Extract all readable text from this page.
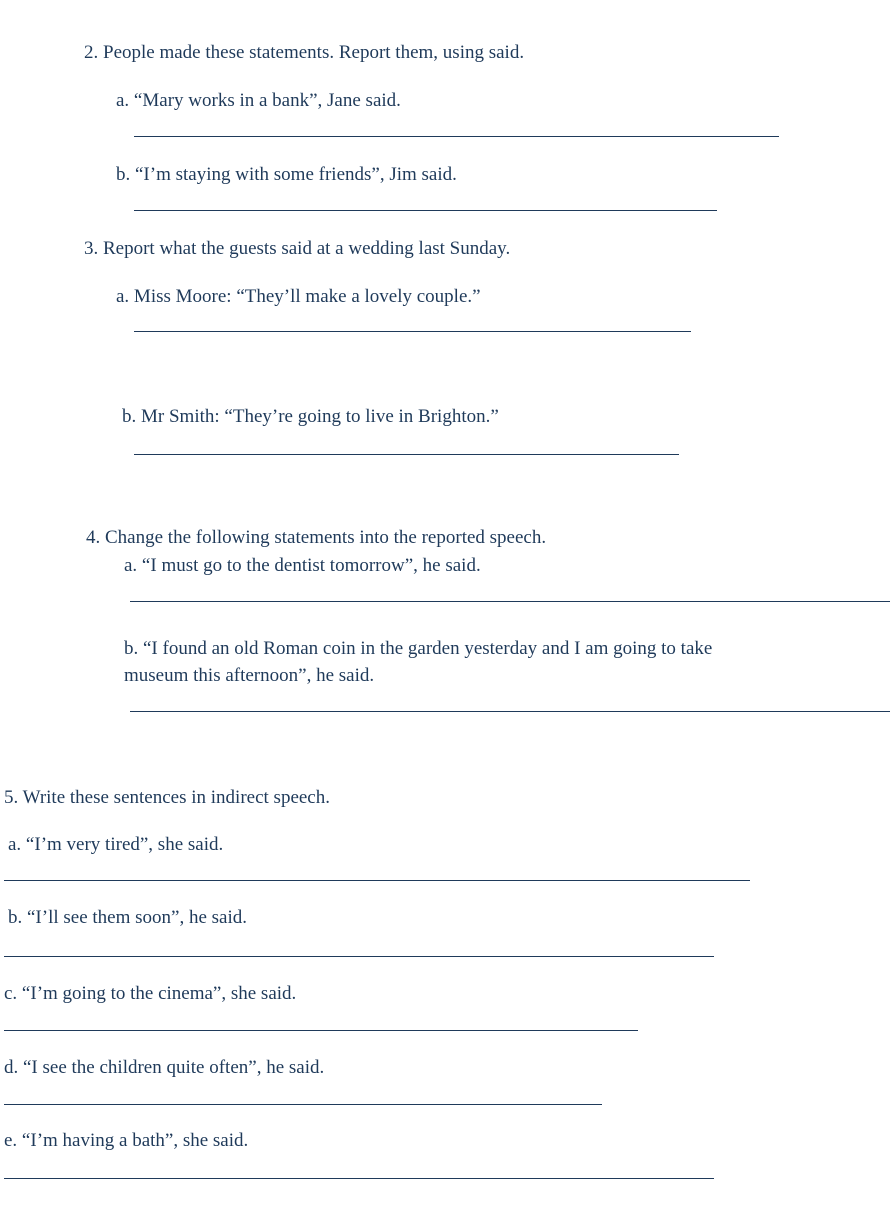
2. People made these statements. Report them, using said.
a. “Mary works in a bank”, Jane said.
b. “I’m staying with some friends”, Jim said.
3. Report what the guests said at a wedding last Sunday.
a. Miss Moore: “They’ll make a lovely couple.”
b. Mr Smith: “They’re going to live in Brighton.”
4. Change the following statements into the reported speech.
a. “I must go to the dentist tomorrow”, he said.
b. “I found an old Roman coin in the garden yesterday and I am going to take
museum this afternoon”, he said.
5. Write these sentences in indirect speech.
a. “I’m very tired”, she said.
b. “I’ll see them soon”, he said.
c. “I’m going to the cinema”, she said.
d. “I see the children quite often”, he said.
e. “I’m having a bath”, she said.
